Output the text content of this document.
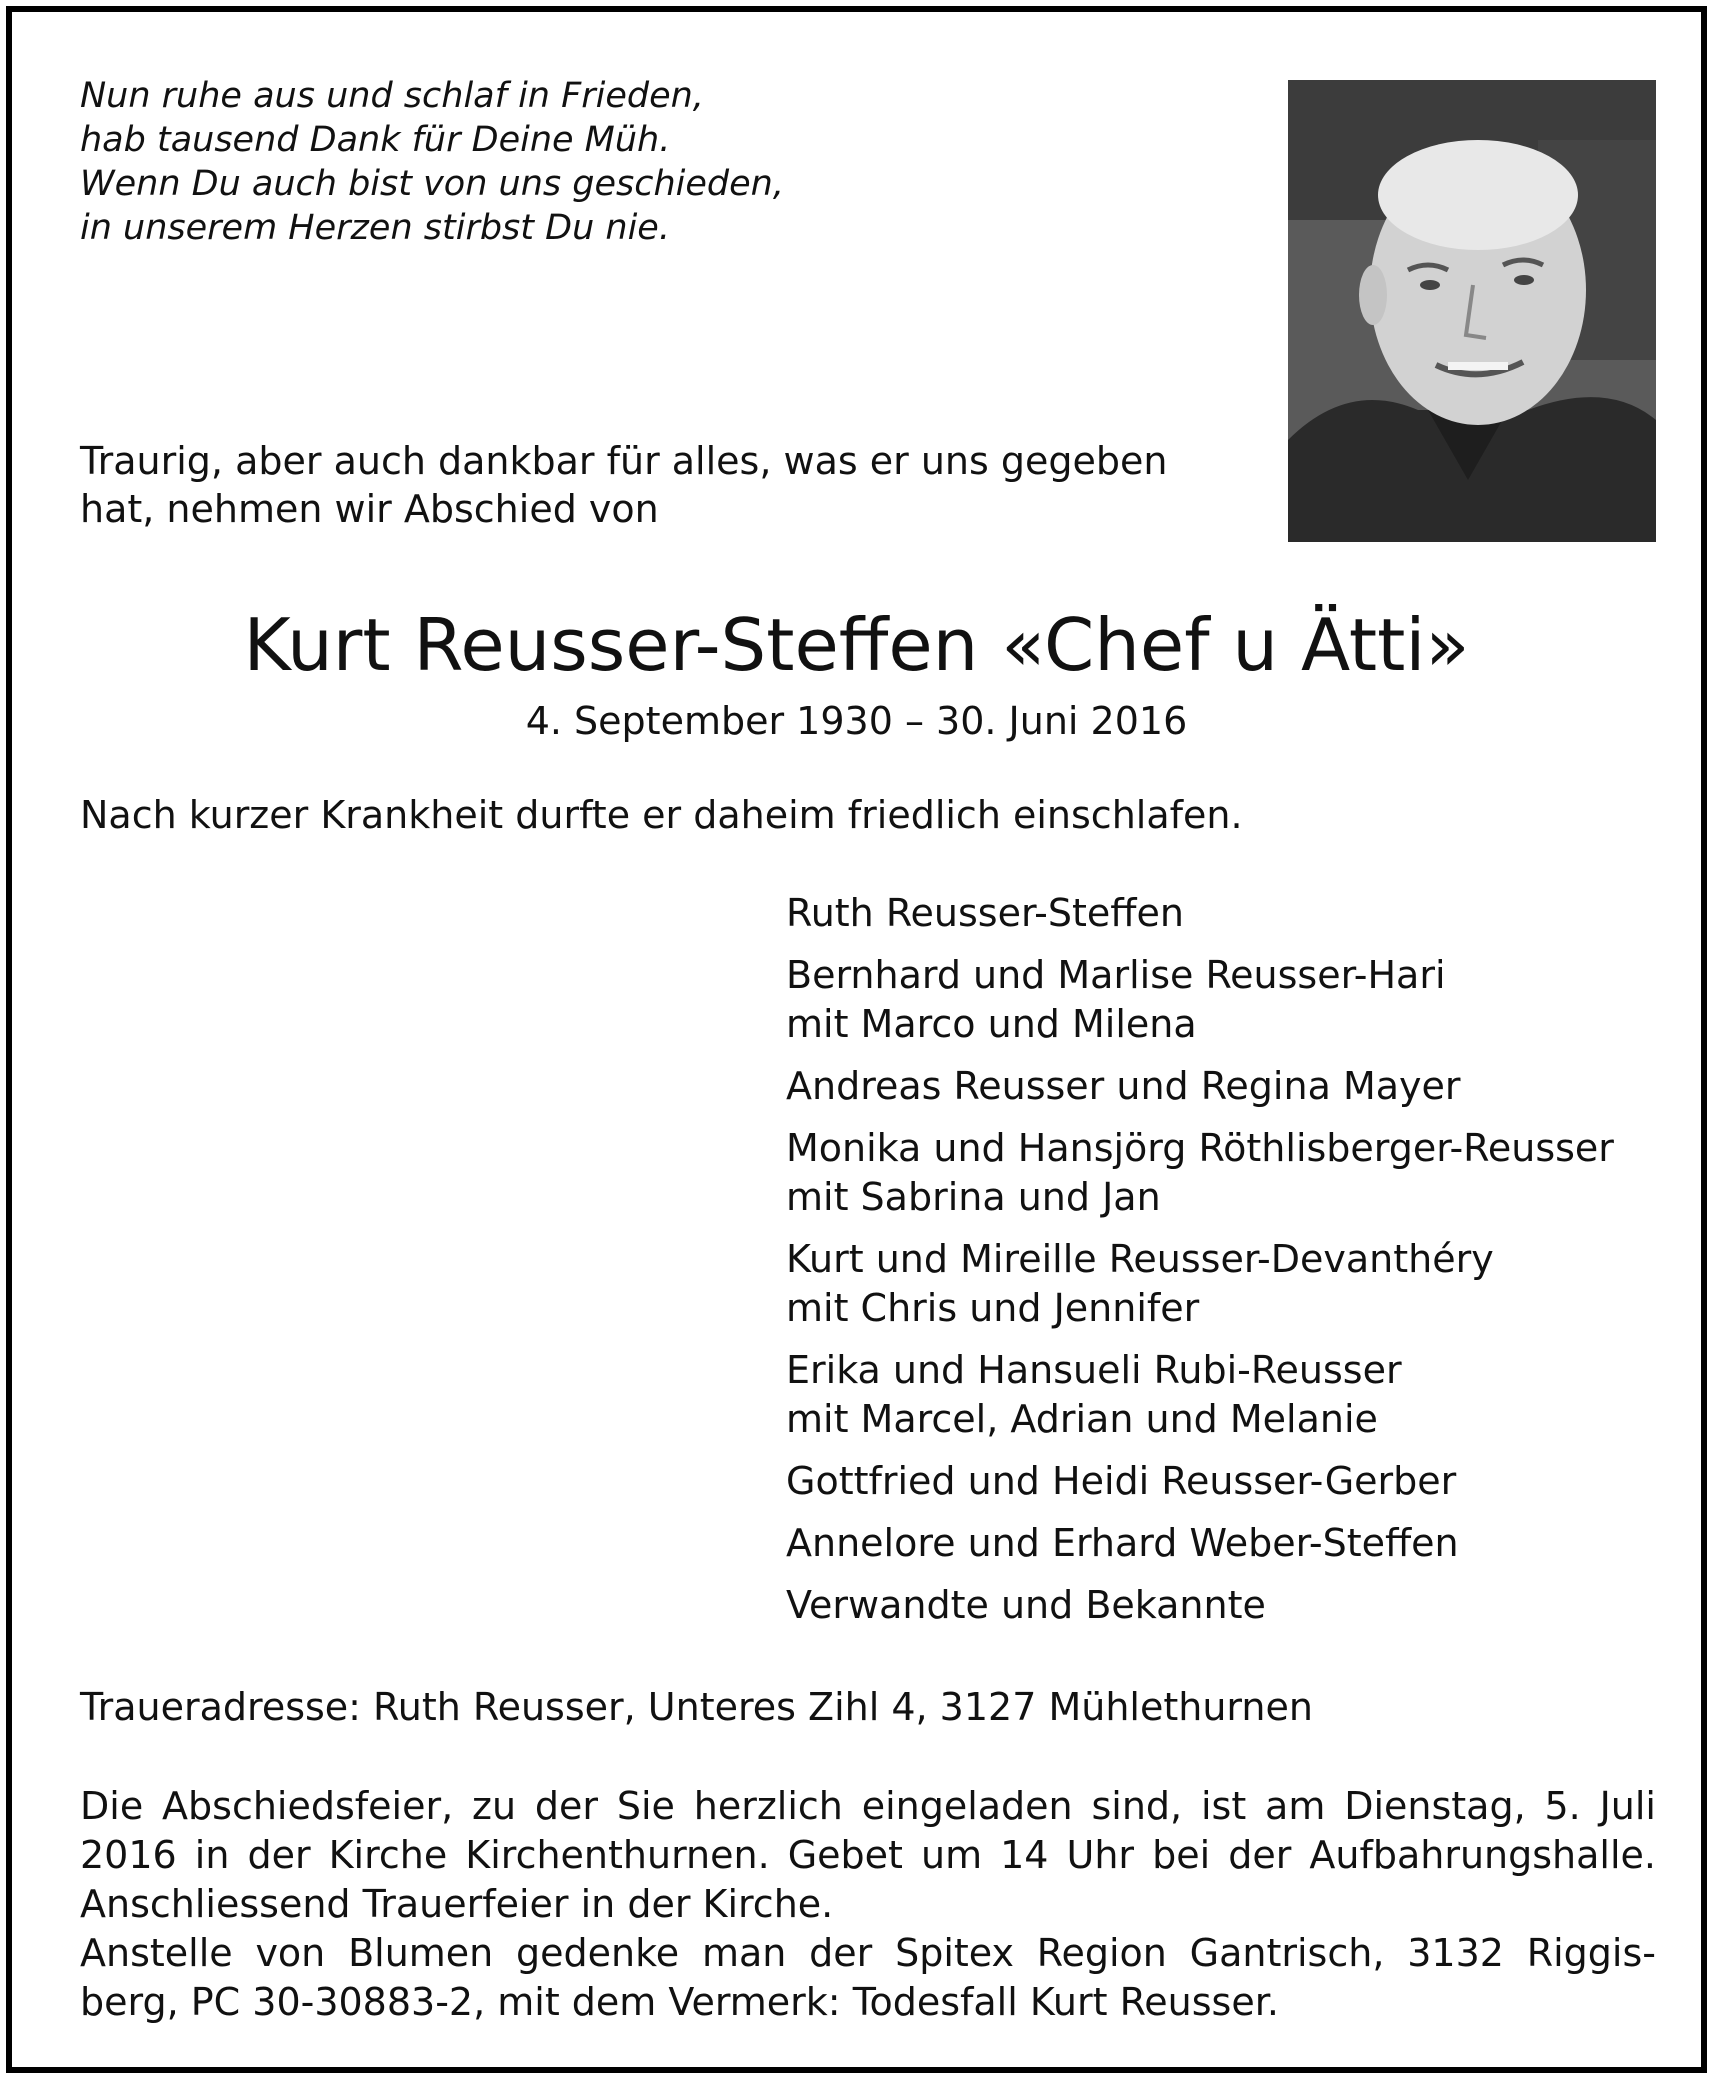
Nun ruhe aus und schlaf in Frieden,
hab tausend Dank für Deine Müh.
Wenn Du auch bist von uns geschieden,
in unserem Herzen stirbst Du nie.
Traurig, aber auch dankbar für alles, was er uns gegeben
hat, nehmen wir Abschied von
Kurt Reusser-Steffen «Chef u Ätti»
4. September 1930 – 30. Juni 2016
Nach kurzer Krankheit durfte er daheim friedlich einschlafen.
Ruth Reusser-Steffen
Bernhard und Marlise Reusser-Hari
mit Marco und Milena
Andreas Reusser und Regina Mayer
Monika und Hansjörg Röthlisberger-Reusser
mit Sabrina und Jan
Kurt und Mireille Reusser-Devanthéry
mit Chris und Jennifer
Erika und Hansueli Rubi-Reusser
mit Marcel, Adrian und Melanie
Gottfried und Heidi Reusser-Gerber
Annelore und Erhard Weber-Steffen
Verwandte und Bekannte
Traueradresse: Ruth Reusser, Unteres Zihl 4, 3127 Mühlethurnen
Die Abschiedsfeier, zu der Sie herzlich eingeladen sind, ist am Dienstag, 5. Juli
2016 in der Kirche Kirchenthurnen. Gebet um 14 Uhr bei der Aufbahrungshalle.
Anschliessend Trauerfeier in der Kirche.
Anstelle von Blumen gedenke man der Spitex Region Gantrisch, 3132 Riggis-
berg, PC 30-30883-2, mit dem Vermerk: Todesfall Kurt Reusser.
